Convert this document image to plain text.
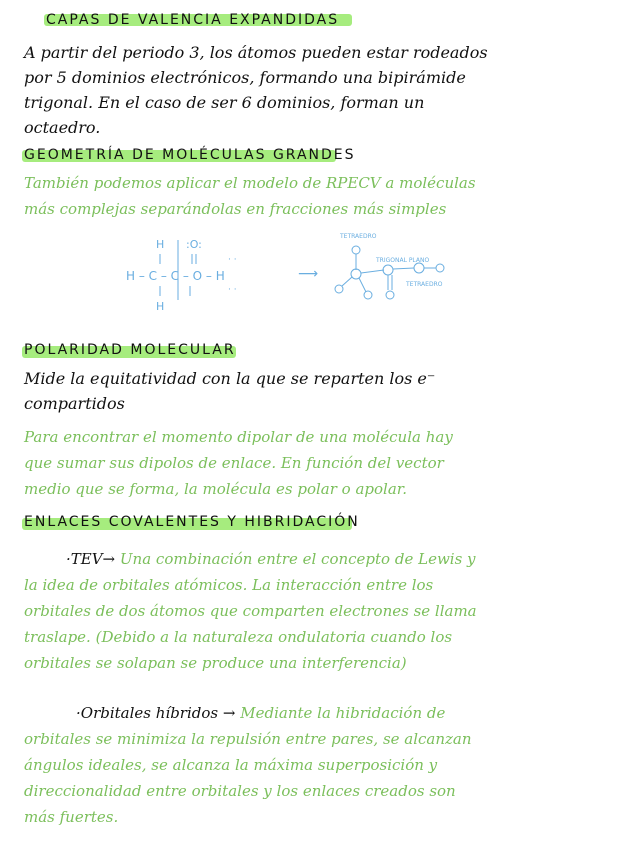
CAPAS DE VALENCIA EXPANDIDAS
A partir del periodo 3, los átomos pueden estar rodeados
por 5 dominios electrónicos, formando una bipirámide
trigonal. En el caso de ser 6 dominios, forman un
octaedro.
GEOMETRÍA DE MOLÉCULAS GRANDES
También podemos aplicar el modelo de RPECV a moléculas
más complejas separándolas en fracciones más simples
H – C – C – O – H
H
H
:O:
· ·
· ·
⟶
TETRAEDRO
TRIGONAL PLANO
TETRAEDRO
POLARIDAD MOLECULAR
Mide la equitatividad con la que se reparten los e⁻
compartidos
Para encontrar el momento dipolar de una molécula hay
que sumar sus dipolos de enlace. En función del vector
medio que se forma, la molécula es polar o apolar.
ENLACES COVALENTES Y HIBRIDACIÓN
·TEV→ Una combinación entre el concepto de Lewis y
la idea de orbitales atómicos. La interacción entre los
orbitales de dos átomos que comparten electrones se llama
traslape. (Debido a la naturaleza ondulatoria cuando los
orbitales se solapan se produce una interferencia)
·Orbitales híbridos → Mediante la hibridación de
orbitales se minimiza la repulsión entre pares, se alcanzan
ángulos ideales, se alcanza la máxima superposición y
direccionalidad entre orbitales y los enlaces creados son
más fuertes.
